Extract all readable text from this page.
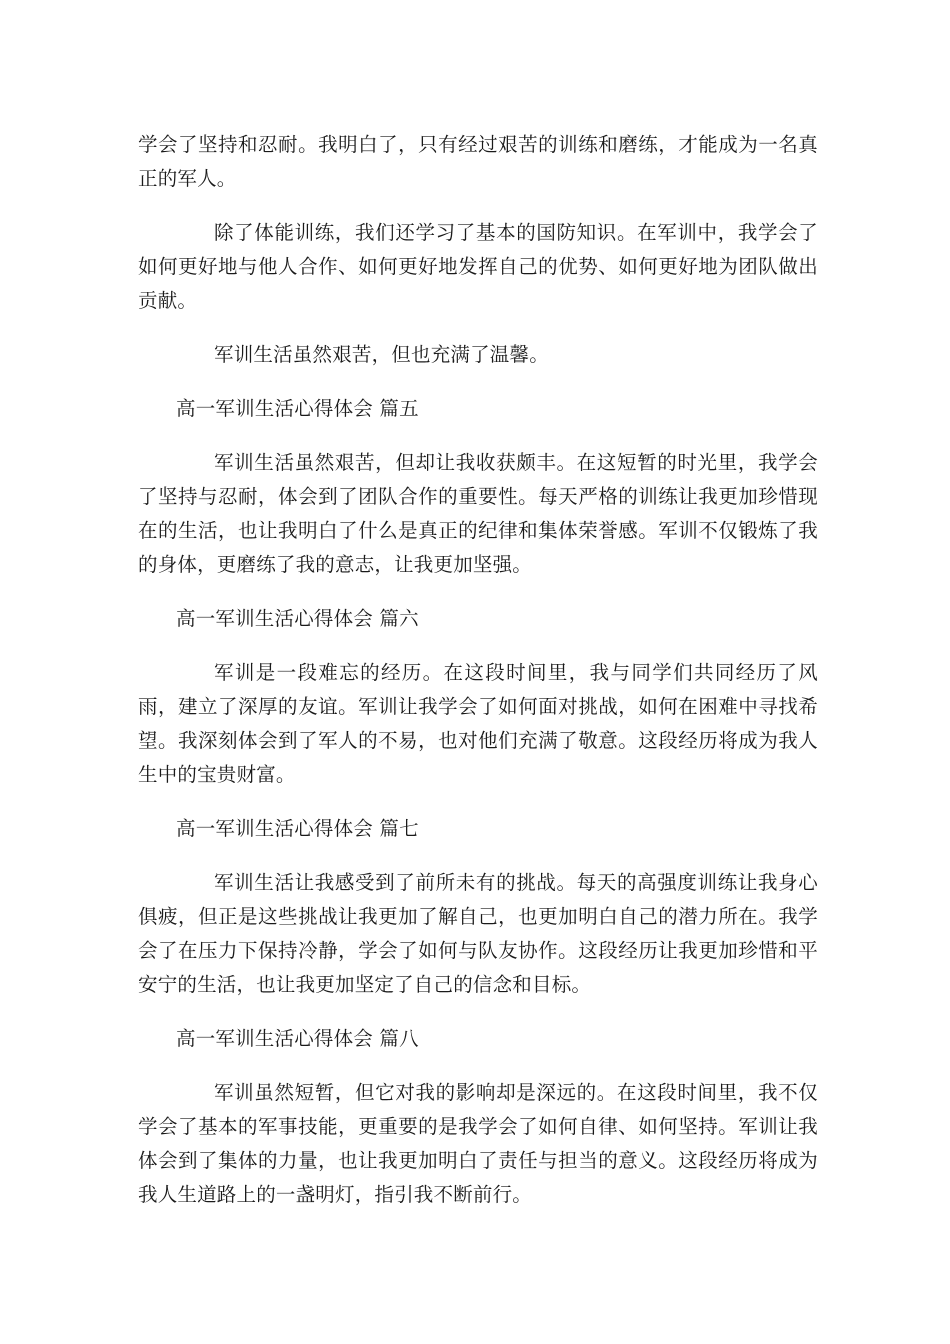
学会了坚持和忍耐。我明白了，只有经过艰苦的训练和磨练，才能成为一名真正的军人。

除了体能训练，我们还学习了基本的国防知识。在军训中，我学会了如何更好地与他人合作、如何更好地发挥自己的优势、如何更好地为团队做出贡献。

军训生活虽然艰苦，但也充满了温馨。

高一军训生活心得体会 篇五

军训生活虽然艰苦，但却让我收获颇丰。在这短暂的时光里，我学会了坚持与忍耐，体会到了团队合作的重要性。每天严格的训练让我更加珍惜现在的生活，也让我明白了什么是真正的纪律和集体荣誉感。军训不仅锻炼了我的身体，更磨练了我的意志，让我更加坚强。

高一军训生活心得体会 篇六

军训是一段难忘的经历。在这段时间里，我与同学们共同经历了风雨，建立了深厚的友谊。军训让我学会了如何面对挑战，如何在困难中寻找希望。我深刻体会到了军人的不易，也对他们充满了敬意。这段经历将成为我人生中的宝贵财富。

高一军训生活心得体会 篇七

军训生活让我感受到了前所未有的挑战。每天的高强度训练让我身心俱疲，但正是这些挑战让我更加了解自己，也更加明白自己的潜力所在。我学会了在压力下保持冷静，学会了如何与队友协作。这段经历让我更加珍惜和平安宁的生活，也让我更加坚定了自己的信念和目标。

高一军训生活心得体会 篇八

军训虽然短暂，但它对我的影响却是深远的。在这段时间里，我不仅学会了基本的军事技能，更重要的是我学会了如何自律、如何坚持。军训让我体会到了集体的力量，也让我更加明白了责任与担当的意义。这段经历将成为我人生道路上的一盏明灯，指引我不断前行。
